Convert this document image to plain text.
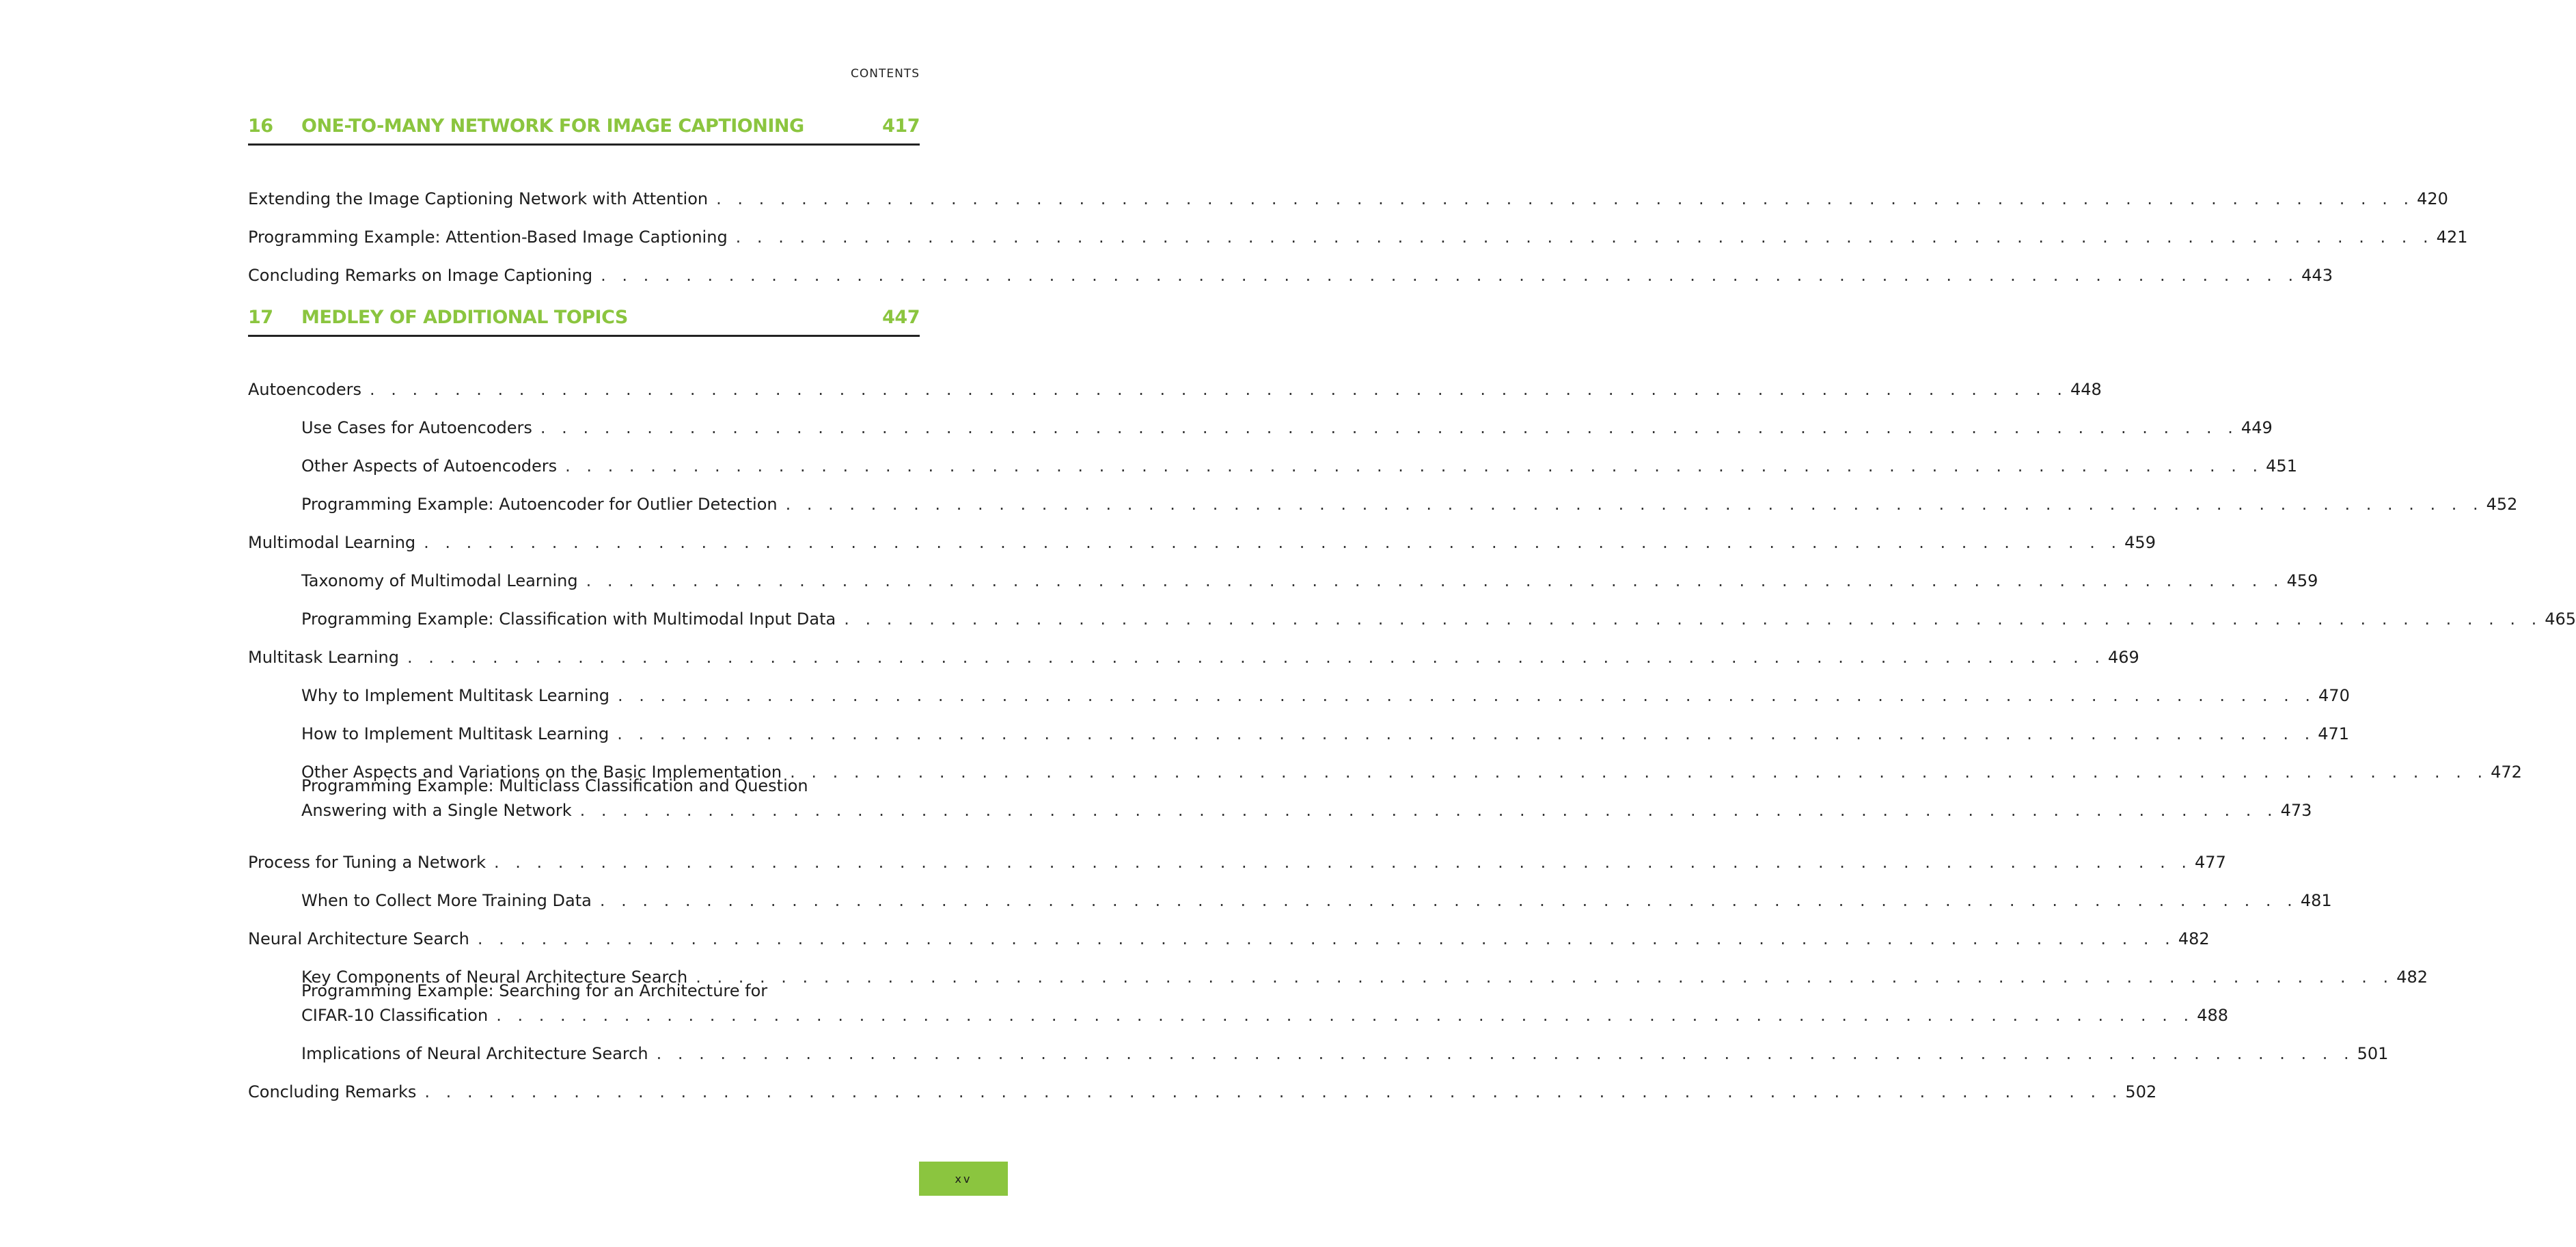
CONTENTS
16 ONE-TO-MANY NETWORK FOR IMAGE CAPTIONING	417
Extending the Image Captioning Network with Attention . . . . . . . . . . . . . . . . . . . . . . . . . . . . . . . . . . . . . . . . . . . . . . . . . . . . . . . . . . . . . . . . . . . . . . . . . . . . . . . . 420
Programming Example: Attention-Based Image Captioning . . . . . . . . . . . . . . . . . . . . . . . . . . . . . . . . . . . . . . . . . . . . . . . . . . . . . . . . . . . . . . . . . . . . . . . . . . . . . . . . 421
Concluding Remarks on Image Captioning . . . . . . . . . . . . . . . . . . . . . . . . . . . . . . . . . . . . . . . . . . . . . . . . . . . . . . . . . . . . . . . . . . . . . . . . . . . . . . . . 443
17 MEDLEY OF ADDITIONAL TOPICS	447
Autoencoders . . . . . . . . . . . . . . . . . . . . . . . . . . . . . . . . . . . . . . . . . . . . . . . . . . . . . . . . . . . . . . . . . . . . . . . . . . . . . . . . 448
Use Cases for Autoencoders . . . . . . . . . . . . . . . . . . . . . . . . . . . . . . . . . . . . . . . . . . . . . . . . . . . . . . . . . . . . . . . . . . . . . . . . . . . . . . . . 449
Other Aspects of Autoencoders . . . . . . . . . . . . . . . . . . . . . . . . . . . . . . . . . . . . . . . . . . . . . . . . . . . . . . . . . . . . . . . . . . . . . . . . . . . . . . . . 451
Programming Example: Autoencoder for Outlier Detection . . . . . . . . . . . . . . . . . . . . . . . . . . . . . . . . . . . . . . . . . . . . . . . . . . . . . . . . . . . . . . . . . . . . . . . . . . . . . . . . 452
Multimodal Learning . . . . . . . . . . . . . . . . . . . . . . . . . . . . . . . . . . . . . . . . . . . . . . . . . . . . . . . . . . . . . . . . . . . . . . . . . . . . . . . . 459
Taxonomy of Multimodal Learning . . . . . . . . . . . . . . . . . . . . . . . . . . . . . . . . . . . . . . . . . . . . . . . . . . . . . . . . . . . . . . . . . . . . . . . . . . . . . . . . 459
Programming Example: Classification with Multimodal Input Data . . . . . . . . . . . . . . . . . . . . . . . . . . . . . . . . . . . . . . . . . . . . . . . . . . . . . . . . . . . . . . . . . . . . . . . . . . . . . . . . 465
Multitask Learning . . . . . . . . . . . . . . . . . . . . . . . . . . . . . . . . . . . . . . . . . . . . . . . . . . . . . . . . . . . . . . . . . . . . . . . . . . . . . . . . 469
Why to Implement Multitask Learning . . . . . . . . . . . . . . . . . . . . . . . . . . . . . . . . . . . . . . . . . . . . . . . . . . . . . . . . . . . . . . . . . . . . . . . . . . . . . . . . 470
How to Implement Multitask Learning . . . . . . . . . . . . . . . . . . . . . . . . . . . . . . . . . . . . . . . . . . . . . . . . . . . . . . . . . . . . . . . . . . . . . . . . . . . . . . . . 471
Other Aspects and Variations on the Basic Implementation . . . . . . . . . . . . . . . . . . . . . . . . . . . . . . . . . . . . . . . . . . . . . . . . . . . . . . . . . . . . . . . . . . . . . . . . . . . . . . . . 472
Programming Example: Multiclass Classification and Question
Answering with a Single Network . . . . . . . . . . . . . . . . . . . . . . . . . . . . . . . . . . . . . . . . . . . . . . . . . . . . . . . . . . . . . . . . . . . . . . . . . . . . . . . . 473
Process for Tuning a Network . . . . . . . . . . . . . . . . . . . . . . . . . . . . . . . . . . . . . . . . . . . . . . . . . . . . . . . . . . . . . . . . . . . . . . . . . . . . . . . . 477
When to Collect More Training Data . . . . . . . . . . . . . . . . . . . . . . . . . . . . . . . . . . . . . . . . . . . . . . . . . . . . . . . . . . . . . . . . . . . . . . . . . . . . . . . . 481
Neural Architecture Search . . . . . . . . . . . . . . . . . . . . . . . . . . . . . . . . . . . . . . . . . . . . . . . . . . . . . . . . . . . . . . . . . . . . . . . . . . . . . . . . 482
Key Components of Neural Architecture Search . . . . . . . . . . . . . . . . . . . . . . . . . . . . . . . . . . . . . . . . . . . . . . . . . . . . . . . . . . . . . . . . . . . . . . . . . . . . . . . . 482
Programming Example: Searching for an Architecture for
CIFAR-10 Classification . . . . . . . . . . . . . . . . . . . . . . . . . . . . . . . . . . . . . . . . . . . . . . . . . . . . . . . . . . . . . . . . . . . . . . . . . . . . . . . . 488
Implications of Neural Architecture Search . . . . . . . . . . . . . . . . . . . . . . . . . . . . . . . . . . . . . . . . . . . . . . . . . . . . . . . . . . . . . . . . . . . . . . . . . . . . . . . . 501
Concluding Remarks . . . . . . . . . . . . . . . . . . . . . . . . . . . . . . . . . . . . . . . . . . . . . . . . . . . . . . . . . . . . . . . . . . . . . . . . . . . . . . . . 502
xv
